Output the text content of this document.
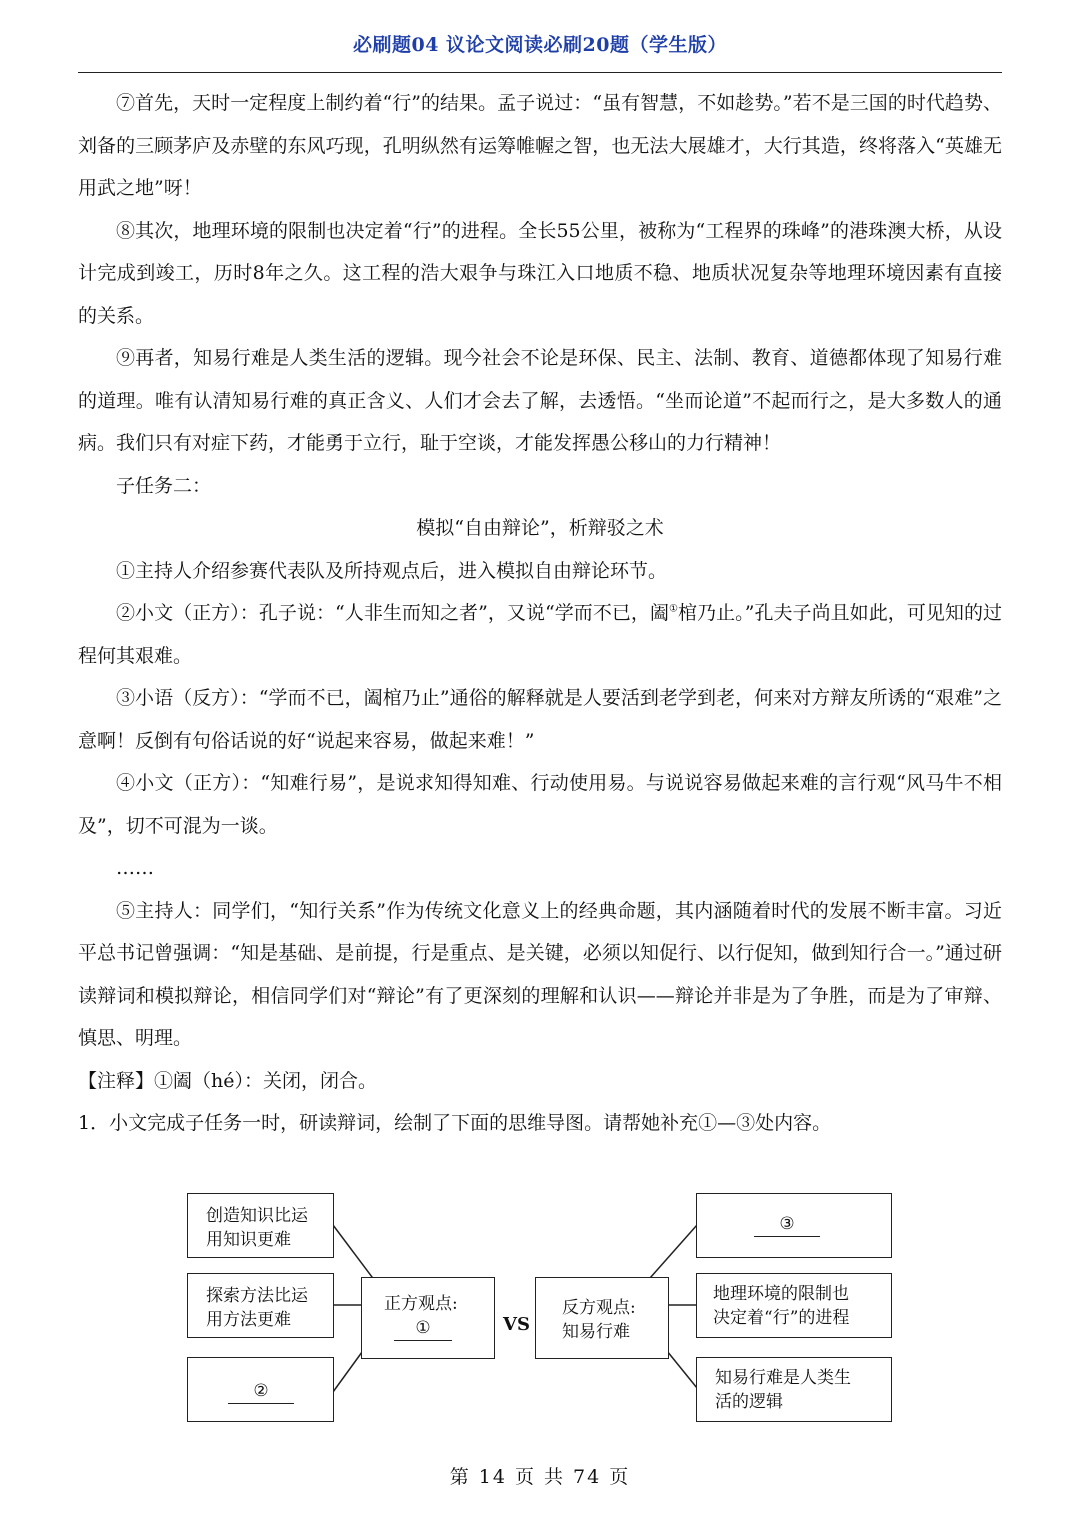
必刷题04 议论文阅读必刷20题（学生版）

⑦首先，天时一定程度上制约着“行”的结果。孟子说过：“虽有智慧，不如趁势。”若不是三国的时代趋势、刘备的三顾茅庐及赤壁的东风巧现，孔明纵然有运筹帷幄之智，也无法大展雄才，大行其造，终将落入“英雄无用武之地”呀！

⑧其次，地理环境的限制也决定着“行”的进程。全长55公里，被称为“工程界的珠峰”的港珠澳大桥，从设计完成到竣工，历时8年之久。这工程的浩大艰争与珠江入口地质不稳、地质状况复杂等地理环境因素有直接的关系。

⑨再者，知易行难是人类生活的逻辑。现今社会不论是环保、民主、法制、教育、道德都体现了知易行难的道理。唯有认清知易行难的真正含义、人们才会去了解，去透悟。“坐而论道”不起而行之，是大多数人的通病。我们只有对症下药，才能勇于立行，耻于空谈，才能发挥愚公移山的力行精神！

子任务二：

模拟“自由辩论”，析辩驳之术

①主持人介绍参赛代表队及所持观点后，进入模拟自由辩论环节。

②小文（正方）：孔子说：“人非生而知之者”，又说“学而不已，阖①棺乃止。”孔夫子尚且如此，可见知的过程何其艰难。

③小语（反方）：“学而不已，阖棺乃止”通俗的解释就是人要活到老学到老，何来对方辩友所诱的“艰难”之意啊！反倒有句俗话说的好“说起来容易，做起来难！”

④小文（正方）：“知难行易”，是说求知得知难、行动使用易。与说说容易做起来难的言行观“风马牛不相及”，切不可混为一谈。

……

⑤主持人：同学们，“知行关系”作为传统文化意义上的经典命题，其内涵随着时代的发展不断丰富。习近平总书记曾强调：“知是基础、是前提，行是重点、是关键，必须以知促行、以行促知，做到知行合一。”通过研读辩词和模拟辩论，相信同学们对“辩论”有了更深刻的理解和认识——辩论并非是为了争胜，而是为了审辩、慎思、明理。

【注释】①阖（hé）：关闭，闭合。

1．小文完成子任务一时，研读辩词，绘制了下面的思维导图。请帮她补充①—③处内容。

创造知识比运
用知识更难
探索方法比运
用方法更难
②
正方观点:
①	VS
反方观点:
知易行难
③
地理环境的限制也
决定着“行”的进程
知易行难是人类生
活的逻辑
第 14 页 共 74 页
